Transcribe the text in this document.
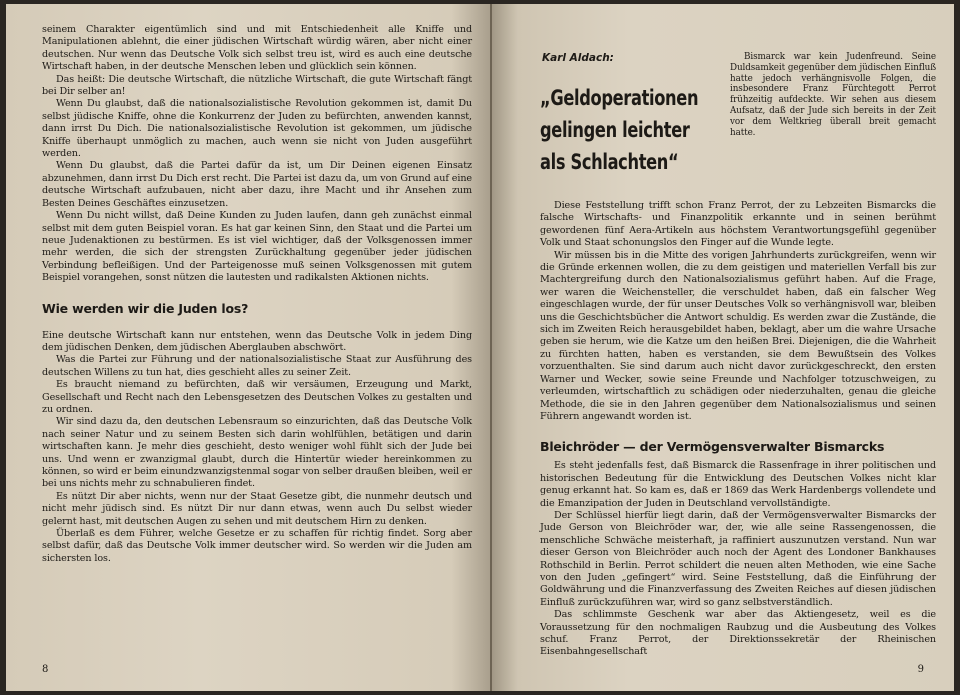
seinem Charakter eigentümlich sind und mit Entschiedenheit alle Kniffe und Manipulationen ablehnt, die einer jüdischen Wirtschaft würdig wären, aber nicht einer deutschen. Nur wenn das Deutsche Volk sich selbst treu ist, wird es auch eine deutsche Wirtschaft haben, in der deutsche Menschen leben und glücklich sein können.

Das heißt: Die deutsche Wirtschaft, die nützliche Wirtschaft, die gute Wirtschaft fängt bei Dir selber an!

Wenn Du glaubst, daß die nationalsozialistische Revolution gekommen ist, damit Du selbst jüdische Kniffe, ohne die Konkurrenz der Juden zu befürchten, anwenden kannst, dann irrst Du Dich. Die nationalsozialistische Revolution ist gekommen, um jüdische Kniffe überhaupt unmöglich zu machen, auch wenn sie nicht von Juden ausgeführt werden.

Wenn Du glaubst, daß die Partei dafür da ist, um Dir Deinen eigenen Einsatz abzunehmen, dann irrst Du Dich erst recht. Die Partei ist dazu da, um von Grund auf eine deutsche Wirtschaft aufzubauen, nicht aber dazu, ihre Macht und ihr Ansehen zum Besten Deines Geschäftes einzusetzen.

Wenn Du nicht willst, daß Deine Kunden zu Juden laufen, dann geh zunächst einmal selbst mit dem guten Beispiel voran. Es hat gar keinen Sinn, den Staat und die Partei um neue Judenaktionen zu bestürmen. Es ist viel wichtiger, daß der Volksgenossen immer mehr werden, die sich der strengsten Zurückhaltung gegenüber jeder jüdischen Verbindung befleißigen. Und der Parteigenosse muß seinen Volksgenossen mit gutem Beispiel vorangehen, sonst nützen die lautesten und radikalsten Aktionen nichts.

Wie werden wir die Juden los?

Eine deutsche Wirtschaft kann nur entstehen, wenn das Deutsche Volk in jedem Ding dem jüdischen Denken, dem jüdischen Aberglauben abschwört.

Was die Partei zur Führung und der nationalsozialistische Staat zur Ausführung des deutschen Willens zu tun hat, dies geschieht alles zu seiner Zeit.

Es braucht niemand zu befürchten, daß wir versäumen, Erzeugung und Markt, Gesellschaft und Recht nach den Lebensgesetzen des Deutschen Volkes zu gestalten und zu ordnen.

Wir sind dazu da, den deutschen Lebensraum so einzurichten, daß das Deutsche Volk nach seiner Natur und zu seinem Besten sich darin wohlfühlen, betätigen und darin wirtschaften kann. Je mehr dies geschieht, desto weniger wohl fühlt sich der Jude bei uns. Und wenn er zwanzigmal glaubt, durch die Hintertür wieder hereinkommen zu können, so wird er beim einundzwanzigstenmal sogar von selber draußen bleiben, weil er bei uns nichts mehr zu schnabulieren findet.

Es nützt Dir aber nichts, wenn nur der Staat Gesetze gibt, die nunmehr deutsch und nicht mehr jüdisch sind. Es nützt Dir nur dann etwas, wenn auch Du selbst wieder gelernt hast, mit deutschen Augen zu sehen und mit deutschem Hirn zu denken.

Überlaß es dem Führer, welche Gesetze er zu schaffen für richtig findet. Sorg aber selbst dafür, daß das Deutsche Volk immer deutscher wird. So werden wir die Juden am sichersten los.

8
Karl Aldach:
„Geldoperationen
gelingen leichter
als Schlachten“

Bismarck war kein Judenfreund. Seine Duldsamkeit gegenüber dem jüdischen Einfluß hatte jedoch verhängnisvolle Folgen, die insbesondere Franz Fürchtegott Perrot frühzeitig aufdeckte. Wir sehen aus diesem Aufsatz, daß der Jude sich bereits in der Zeit vor dem Weltkrieg überall breit gemacht hatte.

Diese Feststellung trifft schon Franz Perrot, der zu Lebzeiten Bismarcks die falsche Wirtschafts- und Finanzpolitik erkannte und in seinen berühmt gewordenen fünf Aera-Artikeln aus höchstem Verantwortungsgefühl gegenüber Volk und Staat schonungslos den Finger auf die Wunde legte.

Wir müssen bis in die Mitte des vorigen Jahrhunderts zurückgreifen, wenn wir die Gründe erkennen wollen, die zu dem geistigen und materiellen Verfall bis zur Machtergreifung durch den Nationalsozialismus geführt haben. Auf die Frage, wer waren die Weichensteller, die verschuldet haben, daß ein falscher Weg eingeschlagen wurde, der für unser Deutsches Volk so verhängnisvoll war, bleiben uns die Geschichtsbücher die Antwort schuldig. Es werden zwar die Zustände, die sich im Zweiten Reich herausgebildet haben, beklagt, aber um die wahre Ursache geben sie herum, wie die Katze um den heißen Brei. Diejenigen, die die Wahrheit zu fürchten hatten, haben es verstanden, sie dem Bewußtsein des Volkes vorzuenthalten. Sie sind darum auch nicht davor zurückgeschreckt, den ersten Warner und Wecker, sowie seine Freunde und Nachfolger totzuschweigen, zu verleumden, wirtschaftlich zu schädigen oder niederzuhalten, genau die gleiche Methode, die sie in den Jahren gegenüber dem Nationalsozialismus und seinen Führern angewandt worden ist.

Bleichröder — der Vermögensverwalter Bismarcks

Es steht jedenfalls fest, daß Bismarck die Rassenfrage in ihrer politischen und historischen Bedeutung für die Entwicklung des Deutschen Volkes nicht klar genug erkannt hat. So kam es, daß er 1869 das Werk Hardenbergs vollendete und die Emanzipation der Juden in Deutschland vervollständigte.

Der Schlüssel hierfür liegt darin, daß der Vermögensverwalter Bismarcks der Jude Gerson von Bleichröder war, der, wie alle seine Rassengenossen, die menschliche Schwäche meisterhaft, ja raffiniert auszunutzen verstand. Nun war dieser Gerson von Bleichröder auch noch der Agent des Londoner Bankhauses Rothschild in Berlin. Perrot schildert die neuen alten Methoden, wie eine Sache von den Juden „gefingert“ wird. Seine Feststellung, daß die Einführung der Goldwährung und die Finanzverfassung des Zweiten Reiches auf diesen jüdischen Einfluß zurückzuführen war, wird so ganz selbstverständlich.

Das schlimmste Geschenk war aber das Aktiengesetz, weil es die Voraussetzung für den nochmaligen Raubzug und die Ausbeutung des Volkes schuf. Franz Perrot, der Direktionssekretär der Rheinischen Eisenbahngesellschaft

9
